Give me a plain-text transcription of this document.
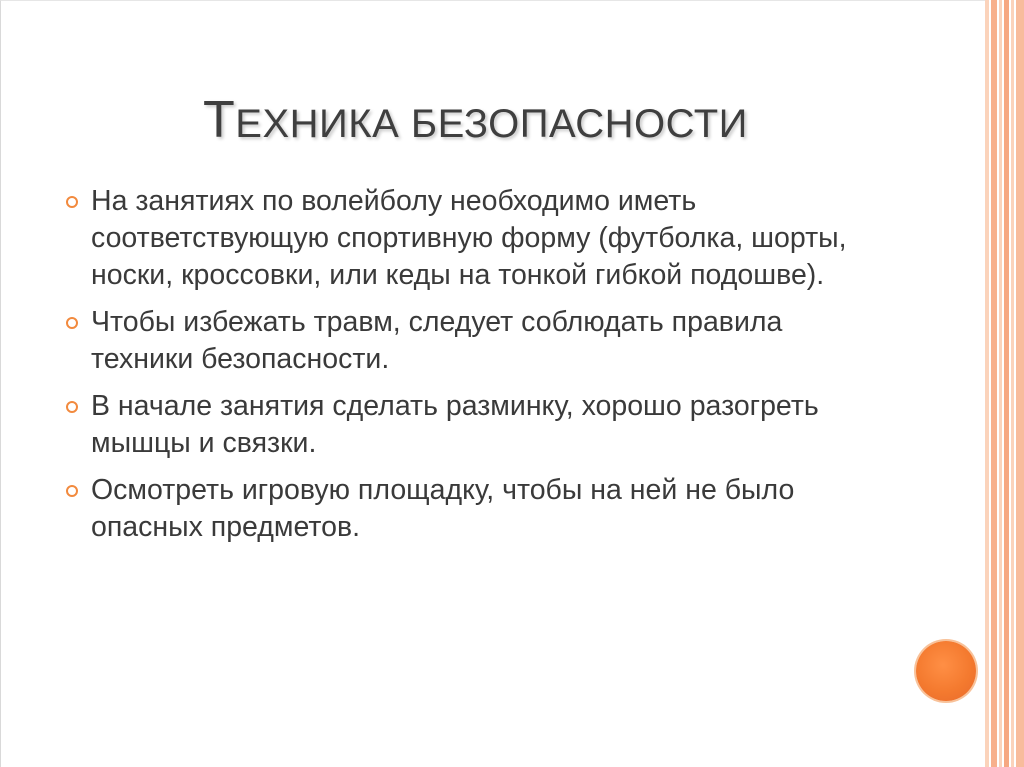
ТЕХНИКА БЕЗОПАСНОСТИ
На занятиях по волейболу необходимо иметь соответствующую спортивную форму (футболка, шорты, носки, кроссовки, или кеды на тонкой гибкой подошве).
Чтобы избежать травм, следует соблюдать правила техники безопасности.
В начале занятия сделать разминку, хорошо разогреть мышцы и связки.
Осмотреть игровую площадку, чтобы на ней не было опасных предметов.
